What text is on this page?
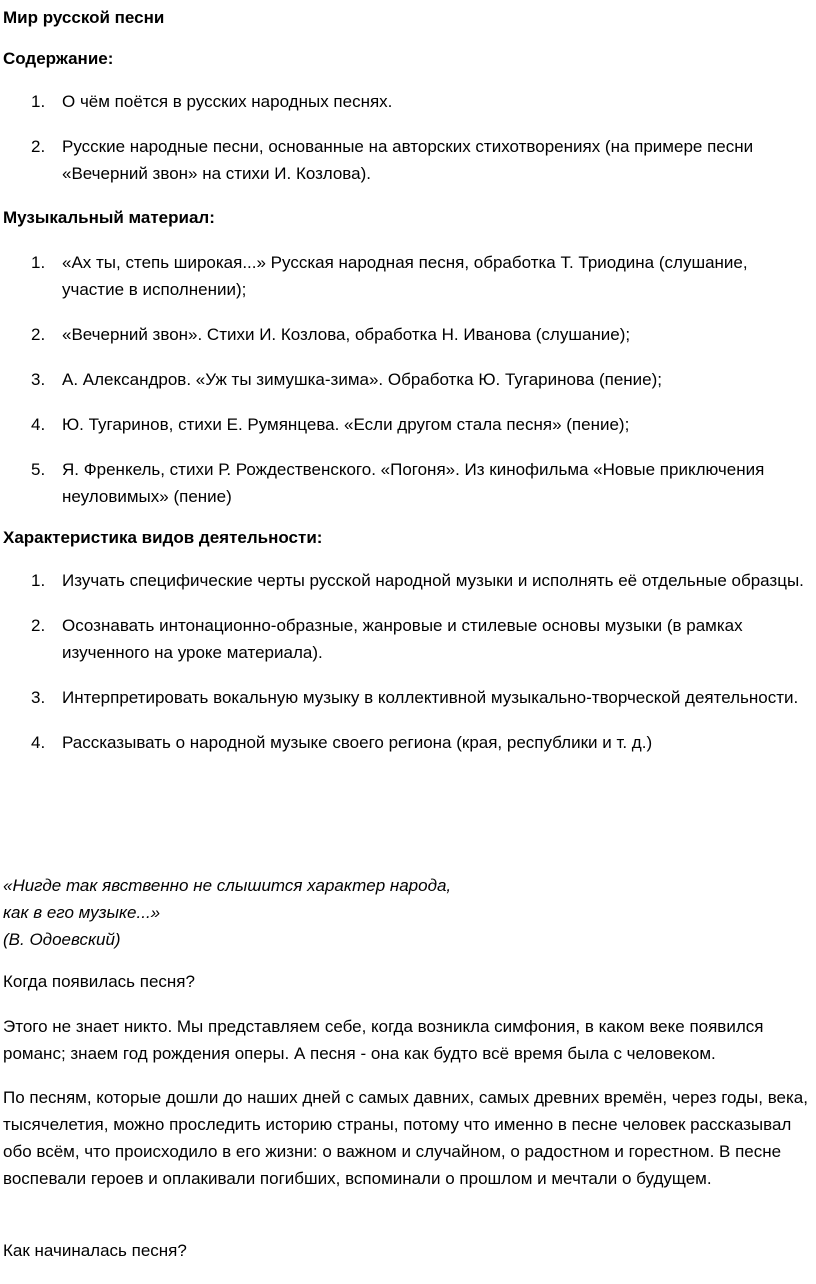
Мир русской песни

Содержание:

1. О чём поётся в русских народных песнях.
2. Русские народные песни, основанные на авторских стихотворениях (на примере песни «Вечерний звон» на стихи И. Козлова).

Музыкальный материал:

1. «Ах ты, степь широкая...» Русская народная песня, обработка Т. Триодина (слушание, участие в исполнении);
2. «Вечерний звон». Стихи И. Козлова, обработка Н. Иванова (слушание);
3. А. Александров. «Уж ты зимушка-зима». Обработка Ю. Тугаринова (пение);
4. Ю. Тугаринов, стихи Е. Румянцева. «Если другом стала песня» (пение);
5. Я. Френкель, стихи Р. Рождественского. «Погоня». Из кинофильма «Новые приключения неуловимых» (пение)

Характеристика видов деятельности:

1. Изучать специфические черты русской народной музыки и исполнять её отдельные образцы.
2. Осознавать интонационно-образные, жанровые и стилевые основы музыки (в рамках изученного на уроке материала).
3. Интерпретировать вокальную музыку в коллективной музыкально-творческой деятельности.
4. Рассказывать о народной музыке своего региона (края, республики и т. д.)

«Нигде так явственно не слышится характер народа,

как в его музыке...»

(В. Одоевский)

Когда появилась песня?

Этого не знает никто. Мы представляем себе, когда возникла симфония, в каком веке появился романс; знаем год рождения оперы. А песня - она как будто всё время была с человеком.

По песням, которые дошли до наших дней с самых давних, самых древних времён, через годы, века, тысячелетия, можно проследить историю страны, потому что именно в песне человек рассказывал обо всём, что происходило в его жизни: о важном и случайном, о радостном и горестном. В песне воспевали героев и оплакивали погибших, вспоминали о прошлом и мечтали о будущем.

Как начиналась песня?
